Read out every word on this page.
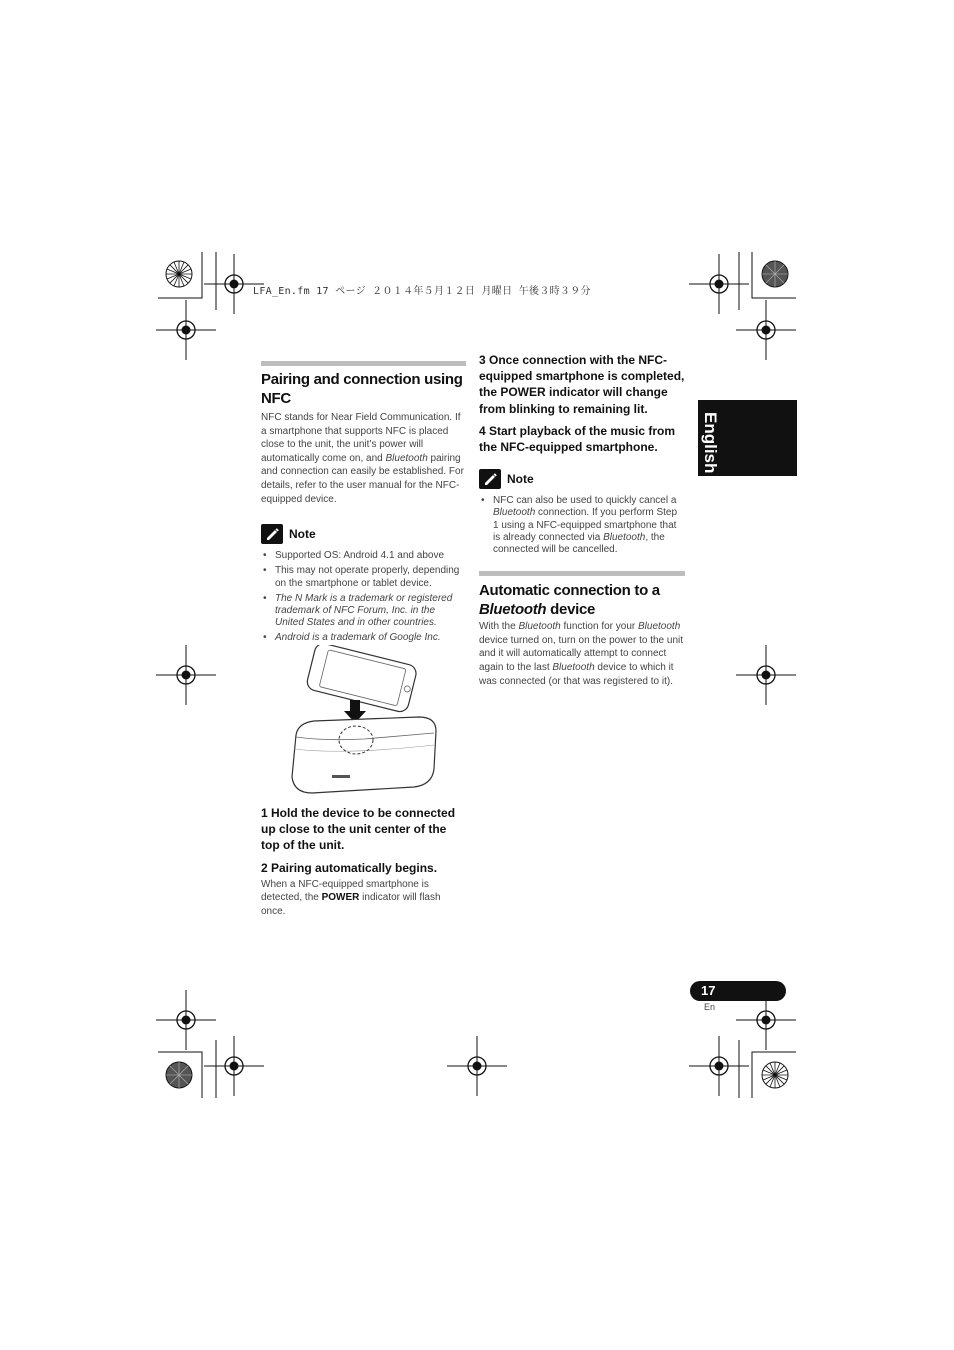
LFA_En.fm 17 ページ ２０１４年５月１２日 月曜日 午後３時３９分
English
Pairing and connection using NFC

NFC stands for Near Field Communication. If a smartphone that supports NFC is placed close to the unit, the unit’s power will automatically come on, and Bluetooth pairing and connection can easily be established. For details, refer to the user manual for the NFC-equipped device.

Note
• Supported OS: Android 4.1 and above
• This may not operate properly, depending on the smartphone or tablet device.
• The N Mark is a trademark or registered trademark of NFC Forum, Inc. in the United States and in other countries.
• Android is a trademark of Google Inc.

1 Hold the device to be connected up close to the unit center of the top of the unit.

2 Pairing automatically begins.

When a NFC-equipped smartphone is detected, the POWER indicator will flash once.

3 Once connection with the NFC-equipped smartphone is completed, the POWER indicator will change from blinking to remaining lit.

4 Start playback of the music from the NFC-equipped smartphone.

Note
• NFC can also be used to quickly cancel a Bluetooth connection. If you perform Step 1 using a NFC-equipped smartphone that is already connected via Bluetooth, the connected will be cancelled.
Automatic connection to a
Bluetooth device

With the Bluetooth function for your Bluetooth device turned on, turn on the power to the unit and it will automatically attempt to connect again to the last Bluetooth device to which it was connected (or that was registered to it).

17
En
